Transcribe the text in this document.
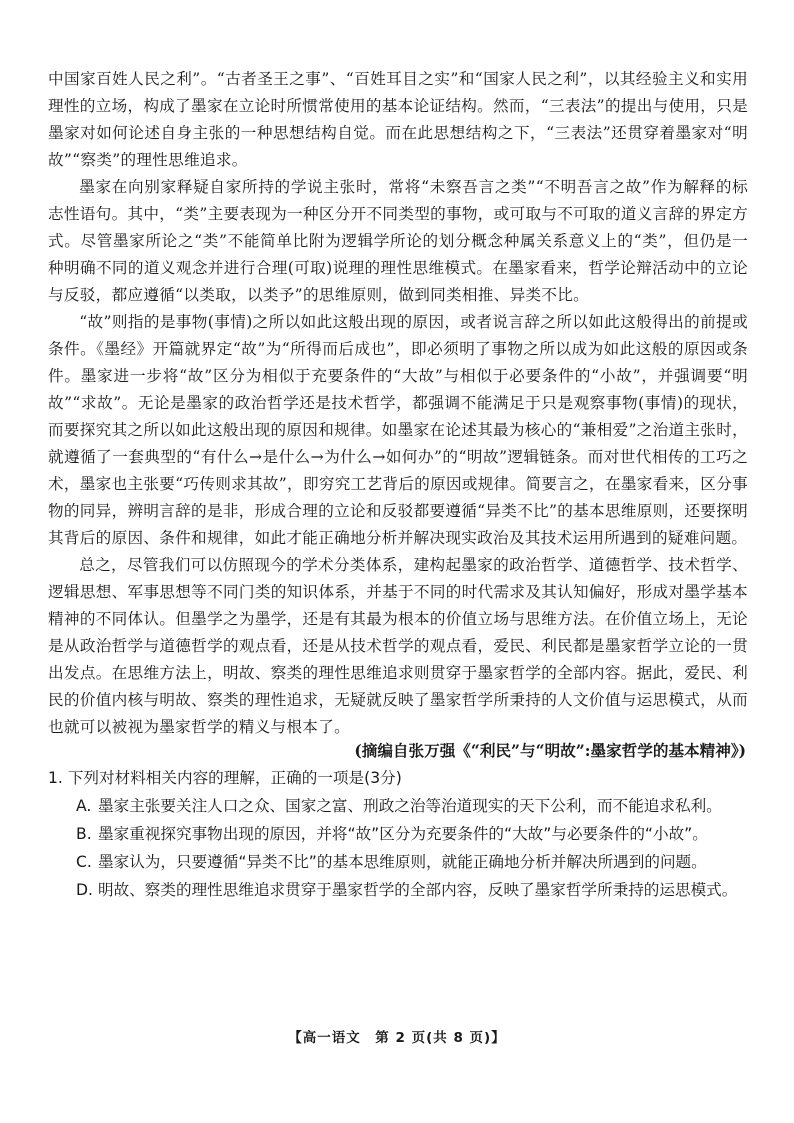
中国家百姓人民之利”。“古者圣王之事”、“百姓耳目之实”和“国家人民之利”，以其经验主义和实用理性的立场，构成了墨家在立论时所惯常使用的基本论证结构。然而，“三表法”的提出与使用，只是墨家对如何论述自身主张的一种思想结构自觉。而在此思想结构之下，“三表法”还贯穿着墨家对“明故”“察类”的理性思维追求。

墨家在向别家释疑自家所持的学说主张时，常将“未察吾言之类”“不明吾言之故”作为解释的标志性语句。其中，“类”主要表现为一种区分开不同类型的事物，或可取与不可取的道义言辞的界定方式。尽管墨家所论之“类”不能简单比附为逻辑学所论的划分概念种属关系意义上的“类”，但仍是一种明确不同的道义观念并进行合理(可取)说理的理性思维模式。在墨家看来，哲学论辩活动中的立论与反驳，都应遵循“以类取，以类予”的思维原则，做到同类相推、异类不比。

“故”则指的是事物(事情)之所以如此这般出现的原因，或者说言辞之所以如此这般得出的前提或条件。《墨经》开篇就界定“故”为“所得而后成也”，即必须明了事物之所以成为如此这般的原因或条件。墨家进一步将“故”区分为相似于充要条件的“大故”与相似于必要条件的“小故”，并强调要“明故”“求故”。无论是墨家的政治哲学还是技术哲学，都强调不能满足于只是观察事物(事情)的现状，而要探究其之所以如此这般出现的原因和规律。如墨家在论述其最为核心的“兼相爱”之治道主张时，就遵循了一套典型的“有什么→是什么→为什么→如何办”的“明故”逻辑链条。而对世代相传的工巧之术，墨家也主张要“巧传则求其故”，即穷究工艺背后的原因或规律。简要言之，在墨家看来，区分事物的同异，辨明言辞的是非，形成合理的立论和反驳都要遵循“异类不比”的基本思维原则，还要探明其背后的原因、条件和规律，如此才能正确地分析并解决现实政治及其技术运用所遇到的疑难问题。

总之，尽管我们可以仿照现今的学术分类体系，建构起墨家的政治哲学、道德哲学、技术哲学、逻辑思想、军事思想等不同门类的知识体系，并基于不同的时代需求及其认知偏好，形成对墨学基本精神的不同体认。但墨学之为墨学，还是有其最为根本的价值立场与思维方法。在价值立场上，无论是从政治哲学与道德哲学的观点看，还是从技术哲学的观点看，爱民、利民都是墨家哲学立论的一贯出发点。在思维方法上，明故、察类的理性思维追求则贯穿于墨家哲学的全部内容。据此，爱民、利民的价值内核与明故、察类的理性追求，无疑就反映了墨家哲学所秉持的人文价值与运思模式，从而也就可以被视为墨家哲学的精义与根本了。

(摘编自张万强《“利民”与“明故”:墨家哲学的基本精神》)

1. 下列对材料相关内容的理解，正确的一项是(3分)

A. 墨家主张要关注人口之众、国家之富、刑政之治等治道现实的天下公利，而不能追求私利。
B. 墨家重视探究事物出现的原因，并将“故”区分为充要条件的“大故”与必要条件的“小故”。
C. 墨家认为，只要遵循“异类不比”的基本思维原则，就能正确地分析并解决所遇到的问题。
D. 明故、察类的理性思维追求贯穿于墨家哲学的全部内容，反映了墨家哲学所秉持的运思模式。
【高一语文　第 2 页(共 8 页)】
